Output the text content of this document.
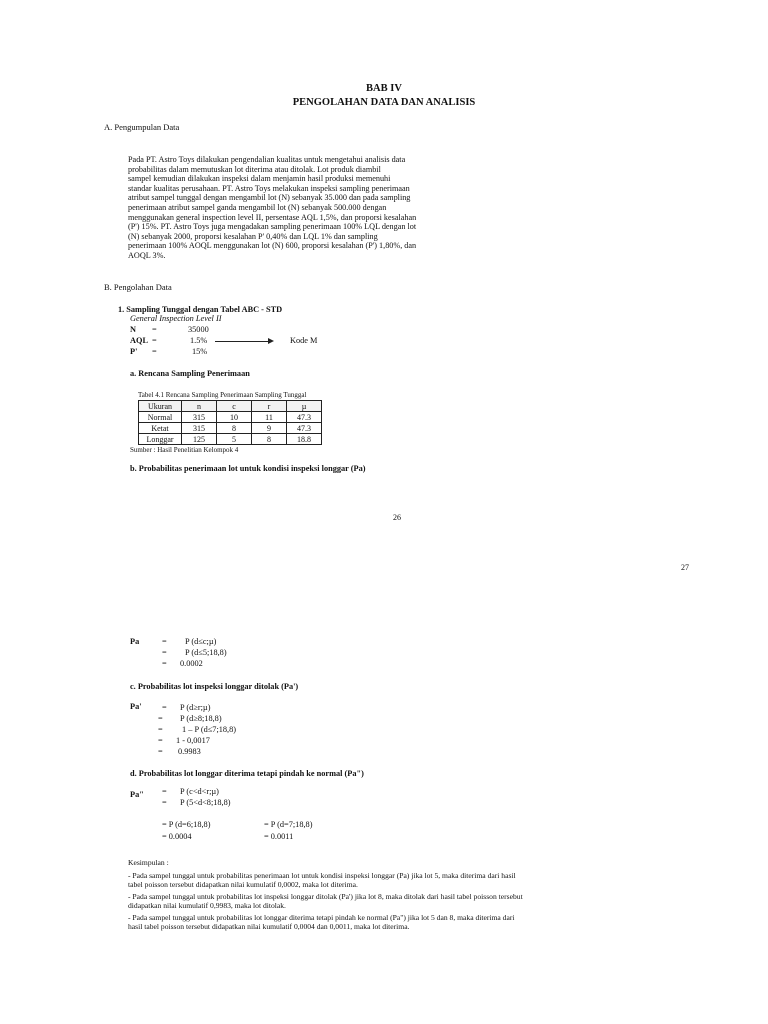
BAB IV
PENGOLAHAN DATA DAN ANALISIS
A. Pengumpulan Data

Pada PT. Astro Toys dilakukan pengendalian kualitas untuk mengetahui analisis data

probabilitas dalam memutuskan lot diterima atau ditolak. Lot produk diambil

sampel kemudian dilakukan inspeksi dalam menjamin hasil produksi memenuhi

standar kualitas perusahaan. PT. Astro Toys melakukan inspeksi sampling penerimaan

atribut sampel tunggal dengan mengambil lot (N) sebanyak 35.000 dan pada sampling

penerimaan atribut sampel ganda mengambil lot (N) sebanyak 500.000 dengan

menggunakan general inspection level II, persentase AQL 1,5%, dan proporsi kesalahan

(P') 15%. PT. Astro Toys juga mengadakan sampling penerimaan 100% LQL dengan lot

(N) sebanyak 2000, proporsi kesalahan P' 0,40% dan LQL 1% dan sampling

penerimaan 100% AOQL menggunakan lot (N) 600, proporsi kesalahan (P') 1,80%, dan

AOQL 3%.

B. Pengolahan Data
1. Sampling Tunggal dengan Tabel ABC - STD
General Inspection Level II
N =	35000
AQL =	1.5%
P' =	15%
Kode M
a. Rencana Sampling Penerimaan
Tabel 4.1 Rencana Sampling Penerimaan Sampling Tunggal
Ukuran	n	c	r	µ
Normal	315	10	11	47.3
Ketat	315	8	9	47.3
Longgar	125	5	8	18.8
Sumber : Hasil Penelitian Kelompok 4
b. Probabilitas penerimaan lot untuk kondisi inspeksi longgar (Pa)
26
27
Pa	= P (d≤c;µ)
= P (d≤5;18,8)
= 0.0002
c. Probabilitas lot inspeksi longgar ditolak (Pa')
Pa' = P (d≥r;µ)
= P (d≥8;18,8)
= 1 – P (d≤7;18,8)
= 1 - 0,0017
= 0.9983
d. Probabilitas lot longgar diterima tetapi pindah ke normal (Pa")
Pa" = P (c<d<r;µ)
= P (5<d<8;18,8)
= P (d=6;18,8)
= 0.0004
= P (d=7;18,8)
= 0.0011
Kesimpulan :
- Pada sampel tunggal untuk probabilitas penerimaan lot untuk kondisi inspeksi longgar (Pa) jika lot 5, maka diterima dari hasil tabel poisson tersebut didapatkan nilai kumulatif 0,0002, maka lot diterima.
- Pada sampel tunggal untuk probabilitas lot inspeksi longgar ditolak (Pa') jika lot 8, maka ditolak dari hasil tabel poisson tersebut didapatkan nilai kumulatif 0,9983, maka lot ditolak.
- Pada sampel tunggal untuk probabilitas lot longgar diterima tetapi pindah ke normal (Pa") jika lot 5 dan 8, maka diterima dari hasil tabel poisson tersebut didapatkan nilai kumulatif 0,0004 dan 0,0011, maka lot diterima.
